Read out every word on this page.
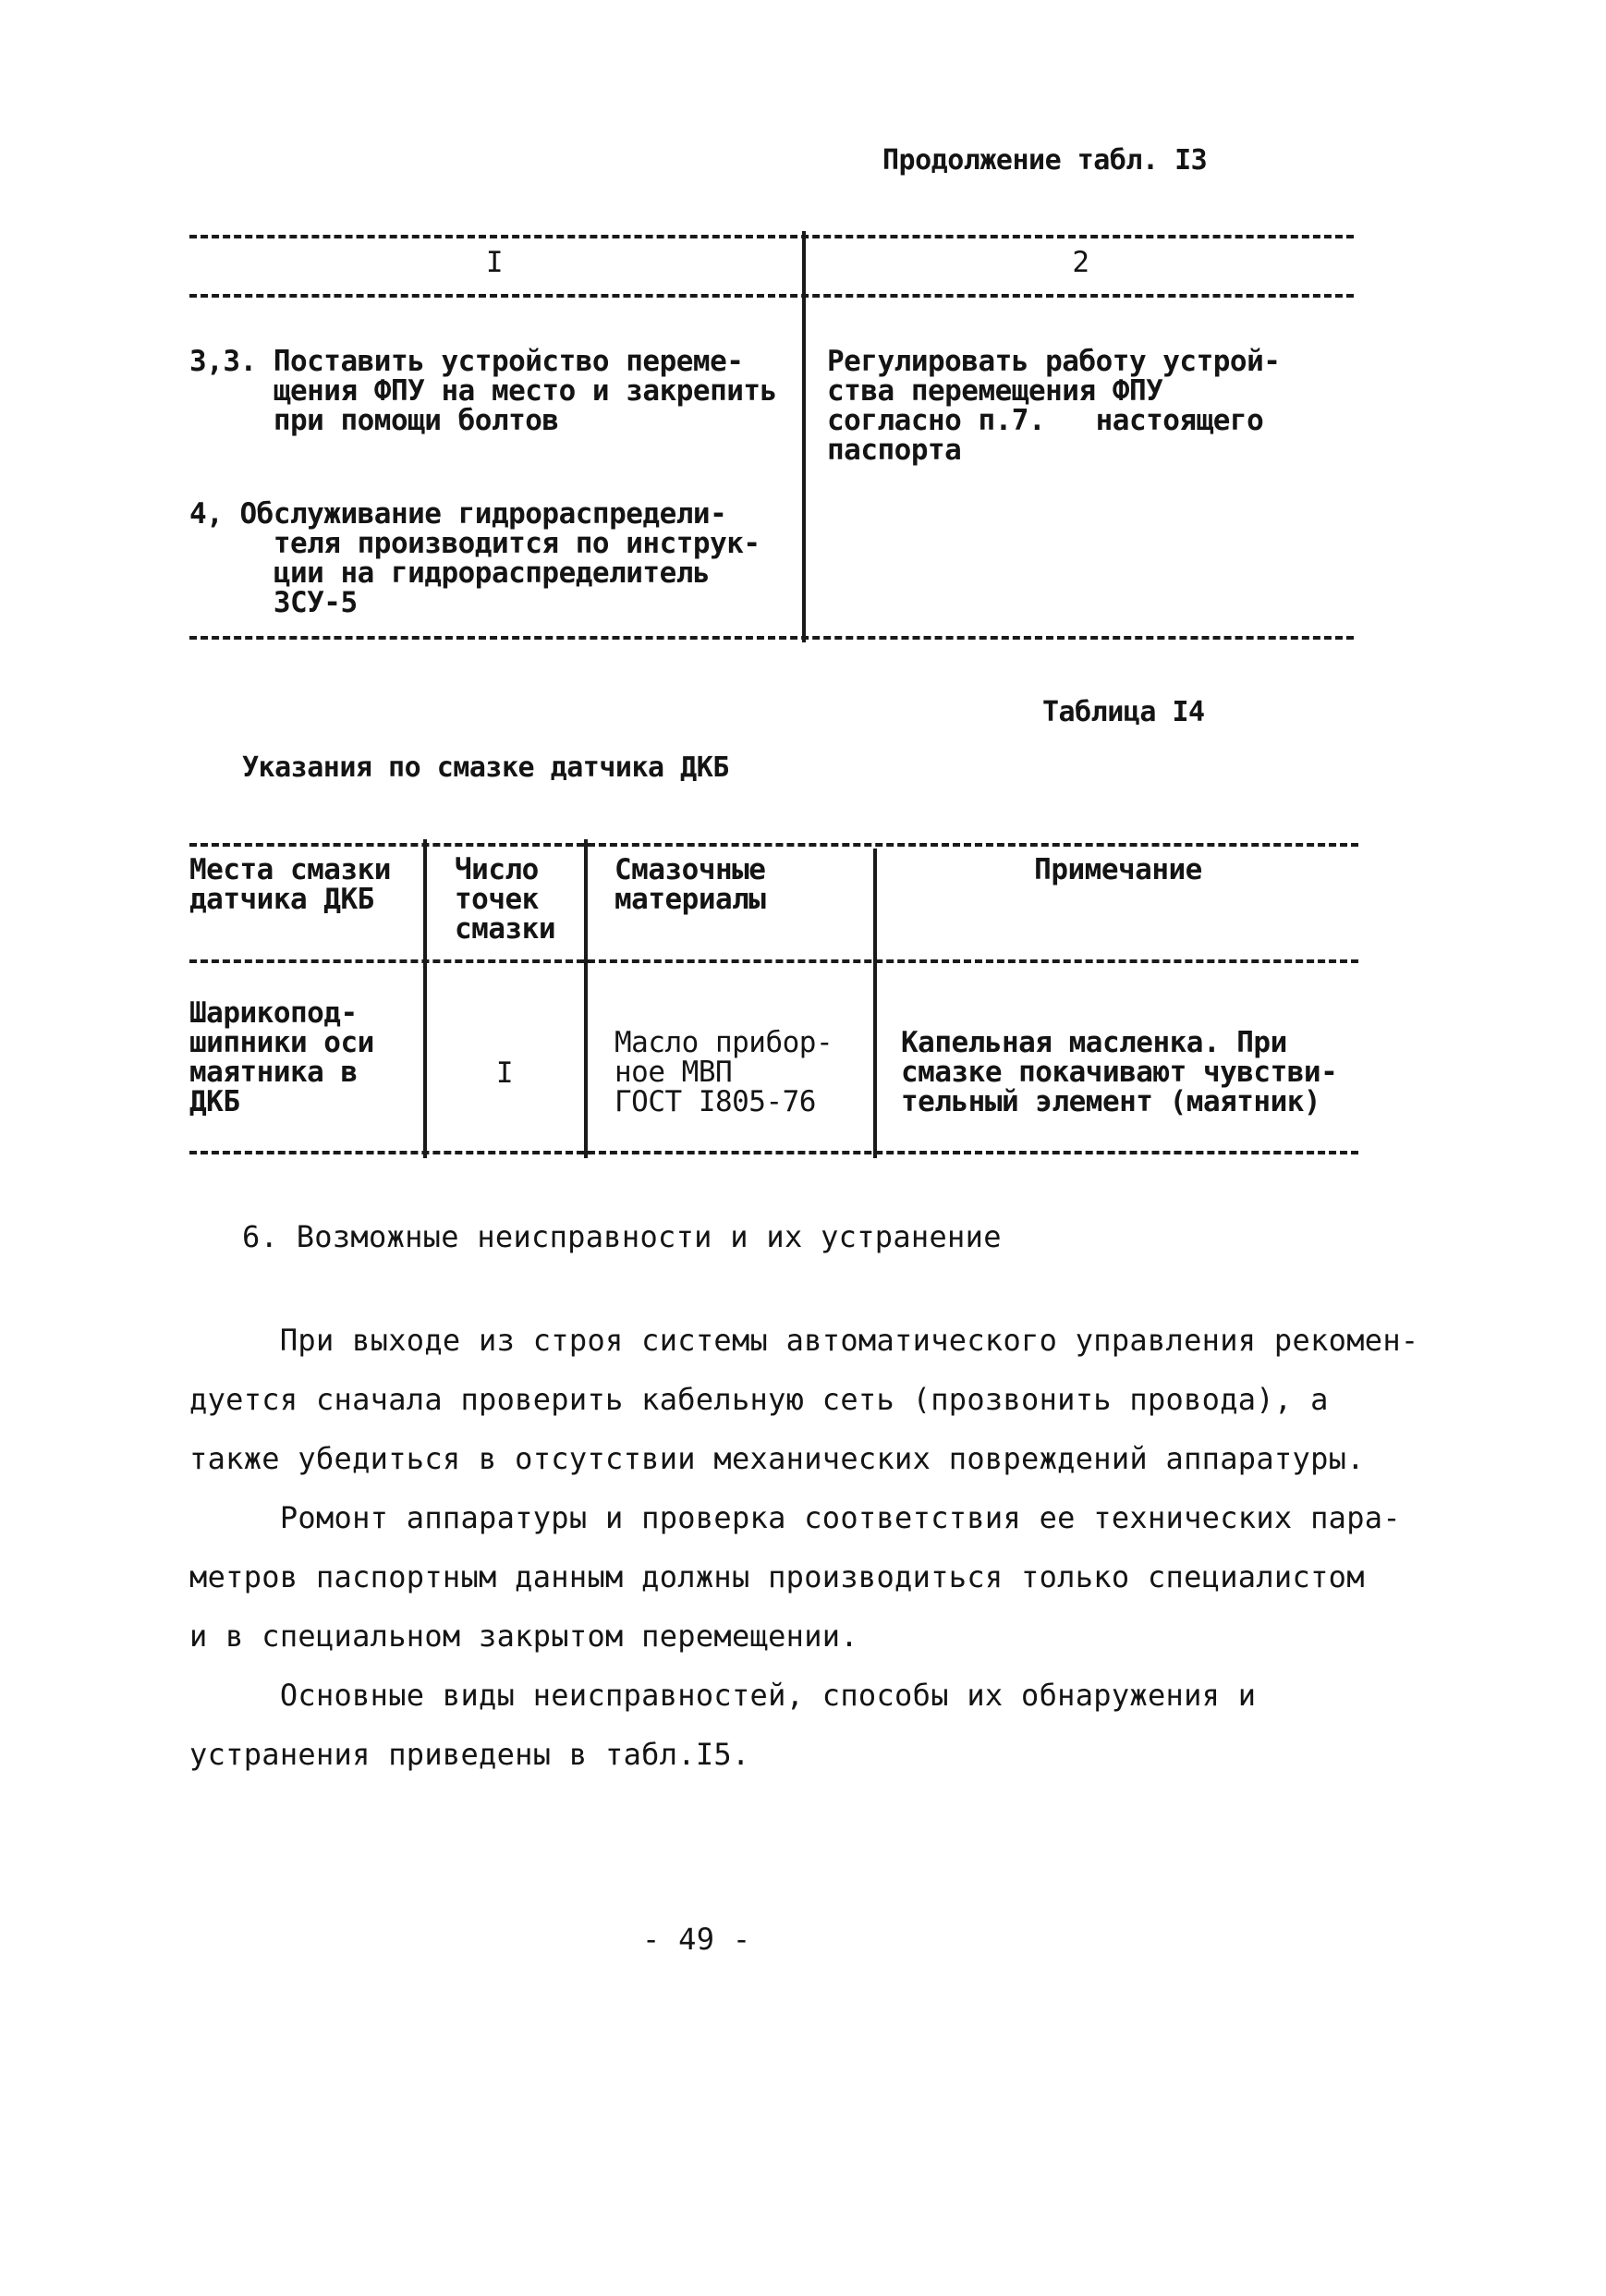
Продолжение табл. I3
I	2
3,3. Поставить устройство переме-
щения ФПУ на место и закрепить
при помощи болтов
Регулировать работу устрой-
ства перемещения ФПУ
согласно п.7.   настоящего
паспорта
4, Обслуживание гидрораспредели-
теля производится по инструк-
ции на гидрораспределитель
ЗСУ-5
Таблица I4
Указания по смазке датчика ДКБ
Места смазки
датчика ДКБ
Число
точек
смазки
Смазочные
материалы
Примечание
Шарикопод-
шипники оси
маятника в
ДКБ
I
Масло прибор-
ное МВП
ГОСТ I805-76
Капельная масленка. При
смазке покачивают чувстви-
тельный элемент (маятник)
6. Возможные неисправности и их устранение
При выходе из строя системы автоматического управления рекомен-
дуется сначала проверить кабельную сеть (прозвонить провода), а
также убедиться в отсутствии механических повреждений аппаратуры.
Ромонт аппаратуры и проверка соответствия ее технических пара-
метров паспортным данным должны производиться только специалистом
и в специальном закрытом перемещении.
Основные виды неисправностей, способы их обнаружения и
устранения приведены в табл.I5.
- 49 -
